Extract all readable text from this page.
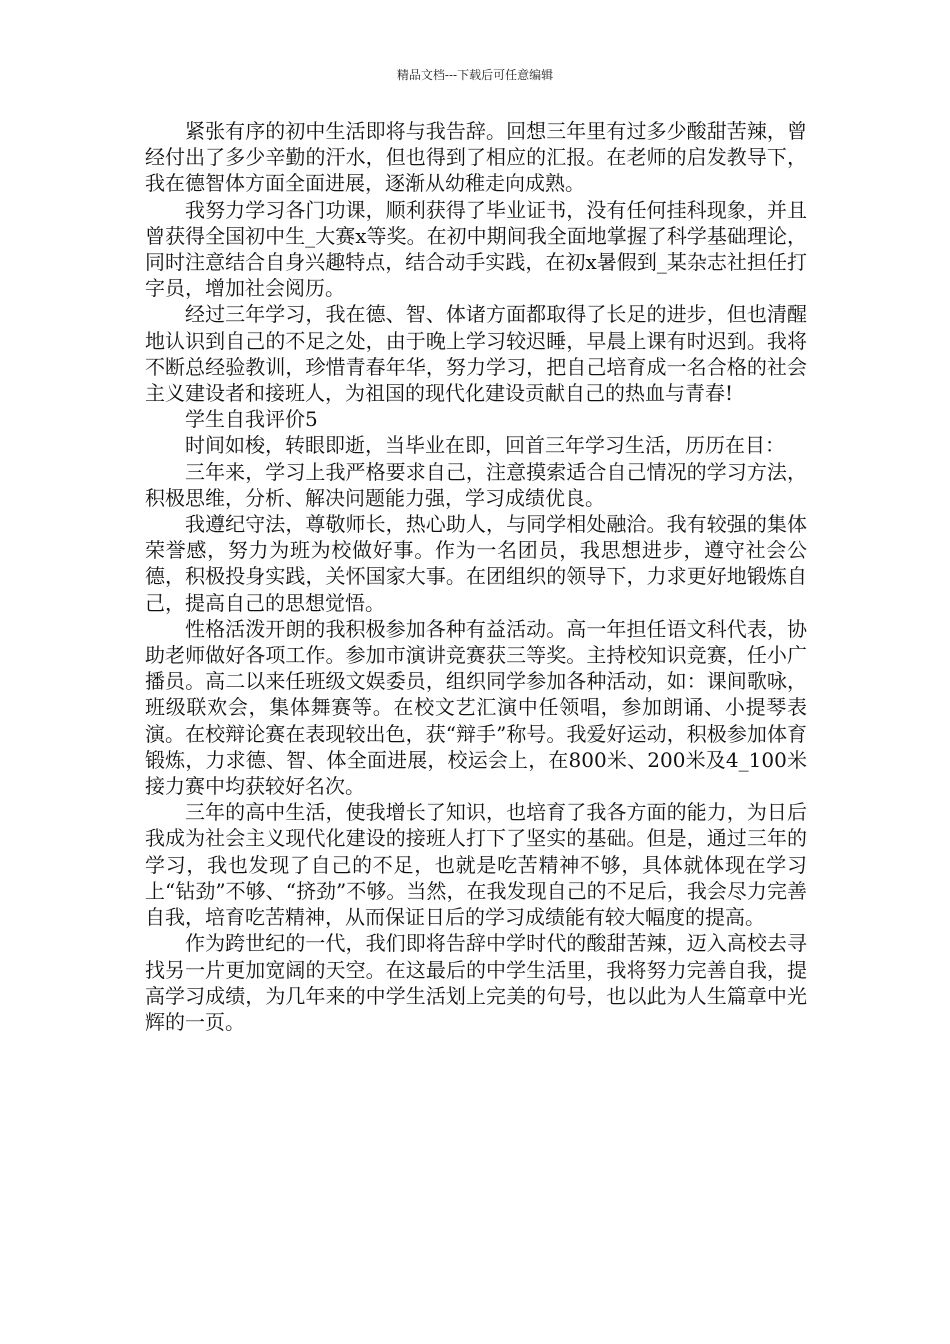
精品文档---下载后可任意编辑

紧张有序的初中生活即将与我告辞。回想三年里有过多少酸甜苦辣，曾经付出了多少辛勤的汗水，但也得到了相应的汇报。在老师的启发教导下，我在德智体方面全面进展，逐渐从幼稚走向成熟。

我努力学习各门功课，顺利获得了毕业证书，没有任何挂科现象，并且曾获得全国初中生_大赛x等奖。在初中期间我全面地掌握了科学基础理论，同时注意结合自身兴趣特点，结合动手实践，在初x暑假到_某杂志社担任打字员，增加社会阅历。

经过三年学习，我在德、智、体诸方面都取得了长足的进步，但也清醒地认识到自己的不足之处，由于晚上学习较迟睡，早晨上课有时迟到。我将不断总经验教训，珍惜青春年华，努力学习，把自己培育成一名合格的社会主义建设者和接班人，为祖国的现代化建设贡献自己的热血与青春!

学生自我评价5

时间如梭，转眼即逝，当毕业在即，回首三年学习生活，历历在目：

三年来，学习上我严格要求自己，注意摸索适合自己情况的学习方法，积极思维，分析、解决问题能力强，学习成绩优良。

我遵纪守法，尊敬师长，热心助人，与同学相处融洽。我有较强的集体荣誉感，努力为班为校做好事。作为一名团员，我思想进步，遵守社会公德，积极投身实践，关怀国家大事。在团组织的领导下，力求更好地锻炼自己，提高自己的思想觉悟。

性格活泼开朗的我积极参加各种有益活动。高一年担任语文科代表，协助老师做好各项工作。参加市演讲竞赛获三等奖。主持校知识竞赛，任小广播员。高二以来任班级文娱委员，组织同学参加各种活动，如：课间歌咏，班级联欢会，集体舞赛等。在校文艺汇演中任领唱，参加朗诵、小提琴表演。在校辩论赛在表现较出色，获“辩手”称号。我爱好运动，积极参加体育锻炼，力求德、智、体全面进展，校运会上，在800米、200米及4_100米接力赛中均获较好名次。

三年的高中生活，使我增长了知识，也培育了我各方面的能力，为日后我成为社会主义现代化建设的接班人打下了坚实的基础。但是，通过三年的学习，我也发现了自己的不足，也就是吃苦精神不够，具体就体现在学习上“钻劲”不够、“挤劲”不够。当然，在我发现自己的不足后，我会尽力完善自我，培育吃苦精神，从而保证日后的学习成绩能有较大幅度的提高。

作为跨世纪的一代，我们即将告辞中学时代的酸甜苦辣，迈入高校去寻找另一片更加宽阔的天空。在这最后的中学生活里，我将努力完善自我，提高学习成绩，为几年来的中学生活划上完美的句号，也以此为人生篇章中光辉的一页。
